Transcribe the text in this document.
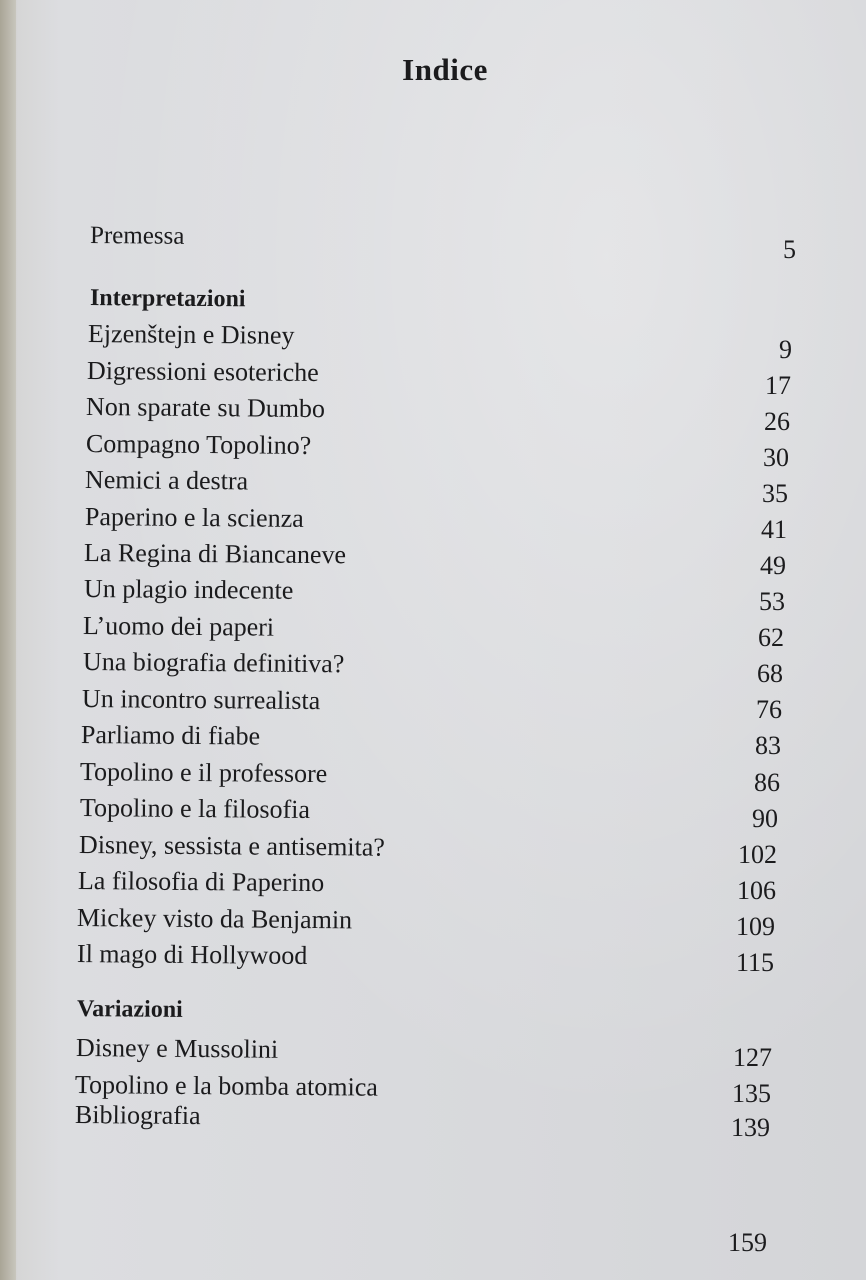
Indice
Premessa	5
Interpretazioni
Ejzenštejn e Disney	9
Digressioni esoteriche	17
Non sparate su Dumbo	26
Compagno Topolino?	30
Nemici a destra	35
Paperino e la scienza	41
La Regina di Biancaneve	49
Un plagio indecente	53
L’uomo dei paperi	62
Una biografia definitiva?	68
Un incontro surrealista	76
Parliamo di fiabe	83
Topolino e il professore	86
Topolino e la filosofia	90
Disney, sessista e antisemita?	102
La filosofia di Paperino	106
Mickey visto da Benjamin	109
Il mago di Hollywood	115
Variazioni
Disney e Mussolini	127
Topolino e la bomba atomica	135
Bibliografia	139
159
